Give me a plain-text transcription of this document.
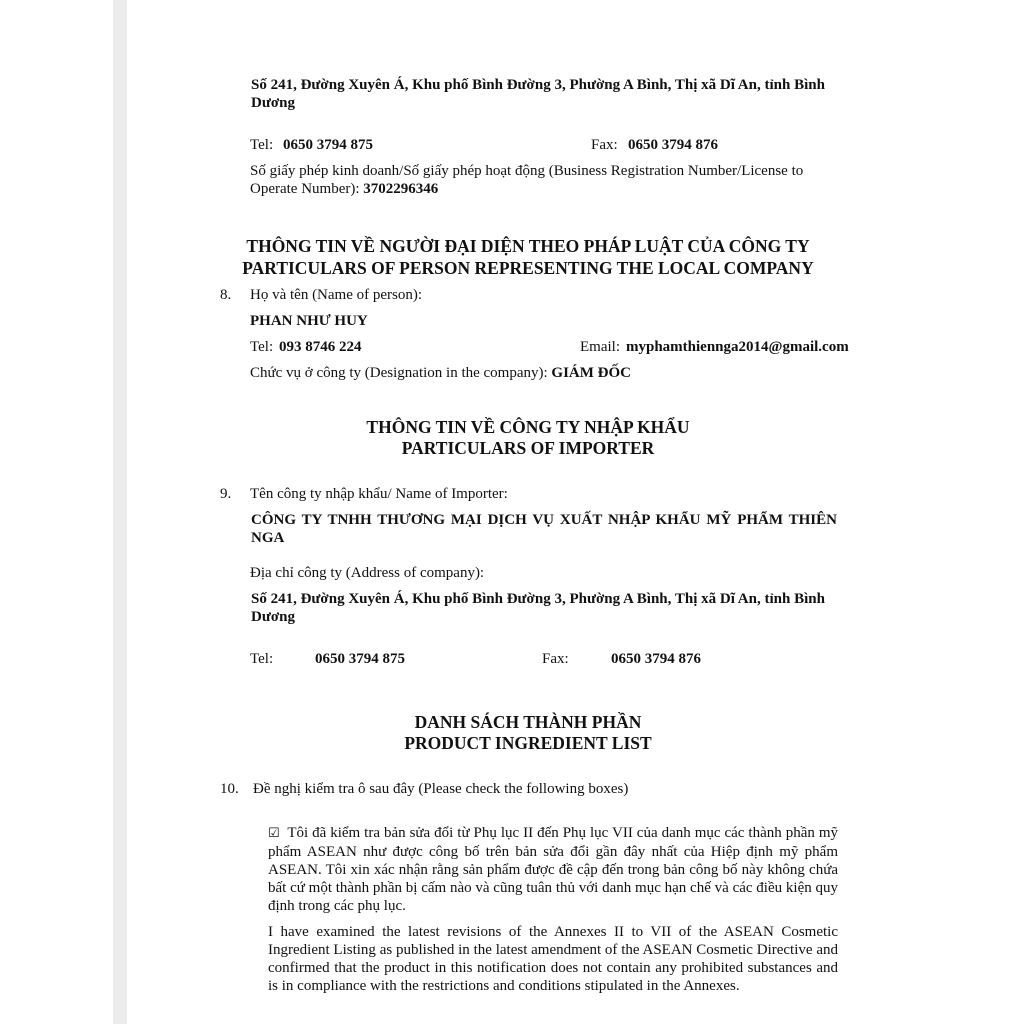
Số 241, Đường Xuyên Á, Khu phố Bình Đường 3, Phường A Bình, Thị xã Dĩ An, tỉnh Bình Dương
Tel: 0650 3794 875	Fax: 0650 3794 876
Số giấy phép kinh doanh/Số giấy phép hoạt động (Business Registration Number/License to Operate Number): 3702296346
THÔNG TIN VỀ NGƯỜI ĐẠI DIỆN THEO PHÁP LUẬT CỦA CÔNG TY
PARTICULARS OF PERSON REPRESENTING THE LOCAL COMPANY
8. Họ và tên (Name of person):
PHAN NHƯ HUY
Tel: 093 8746 224	Email: myphamthiennga2014@gmail.com
Chức vụ ở công ty (Designation in the company): GIÁM ĐỐC
THÔNG TIN VỀ CÔNG TY NHẬP KHẨU
PARTICULARS OF IMPORTER
9. Tên công ty nhập khẩu/ Name of Importer:
CÔNG TY TNHH THƯƠNG MẠI DỊCH VỤ XUẤT NHẬP KHẨU MỸ PHẨM THIÊN NGA
Địa chỉ công ty (Address of company):
Số 241, Đường Xuyên Á, Khu phố Bình Đường 3, Phường A Bình, Thị xã Dĩ An, tỉnh Bình Dương
Tel:	0650 3794 875	Fax:	0650 3794 876
DANH SÁCH THÀNH PHẦN
PRODUCT INGREDIENT LIST
10. Đề nghị kiểm tra ô sau đây (Please check the following boxes)
☑ Tôi đã kiểm tra bản sửa đổi từ Phụ lục II đến Phụ lục VII của danh mục các thành phần mỹ phẩm ASEAN như được công bố trên bản sửa đổi gần đây nhất của Hiệp định mỹ phẩm ASEAN. Tôi xin xác nhận rằng sản phẩm được đề cập đến trong bản công bố này không chứa bất cứ một thành phần bị cấm nào và cũng tuân thủ với danh mục hạn chế và các điều kiện quy định trong các phụ lục.
I have examined the latest revisions of the Annexes II to VII of the ASEAN Cosmetic Ingredient Listing as published in the latest amendment of the ASEAN Cosmetic Directive and confirmed that the product in this notification does not contain any prohibited substances and is in compliance with the restrictions and conditions stipulated in the Annexes.
